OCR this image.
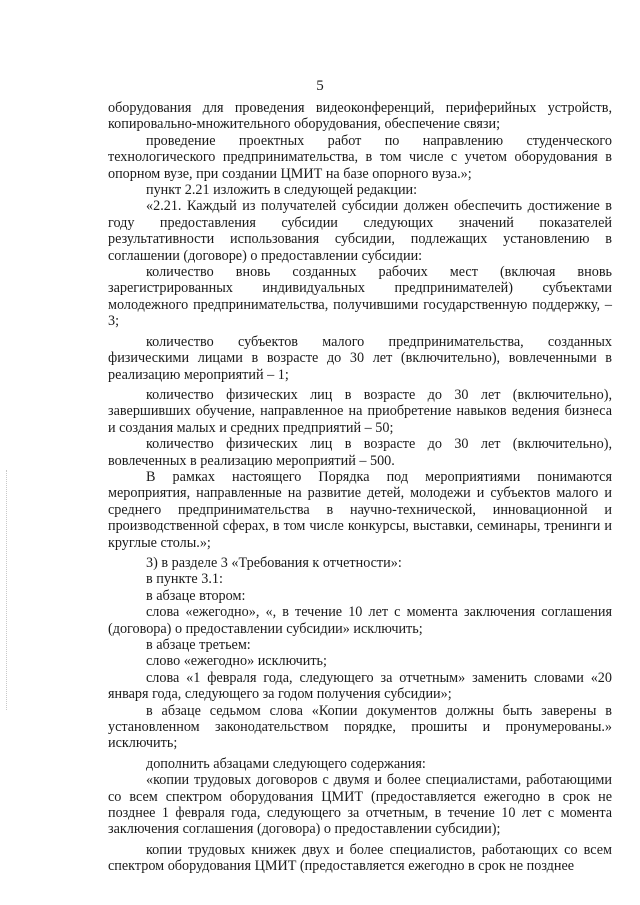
5

оборудования для проведения видеоконференций, периферийных устройств, копировально-множительного оборудования, обеспечение связи;

проведение проектных работ по направлению студенческого технологического предпринимательства, в том числе с учетом оборудования в опорном вузе, при создании ЦМИТ на базе опорного вуза.»;

пункт 2.21 изложить в следующей редакции:

«2.21. Каждый из получателей субсидии должен обеспечить достижение в году предоставления субсидии следующих значений показателей результативности использования субсидии, подлежащих установлению в соглашении (договоре) о предоставлении субсидии:

количество вновь созданных рабочих мест (включая вновь зарегистрированных индивидуальных предпринимателей) субъектами молодежного предпринимательства, получившими государственную поддержку, – 3;

количество субъектов малого предпринимательства, созданных физическими лицами в возрасте до 30 лет (включительно), вовлеченными в реализацию мероприятий – 1;

количество физических лиц в возрасте до 30 лет (включительно), завершивших обучение, направленное на приобретение навыков ведения бизнеса и создания малых и средних предприятий – 50;

количество физических лиц в возрасте до 30 лет (включительно), вовлеченных в реализацию мероприятий – 500.

В рамках настоящего Порядка под мероприятиями понимаются мероприятия, направленные на развитие детей, молодежи и субъектов малого и среднего предпринимательства в научно-технической, инновационной и производственной сферах, в том числе конкурсы, выставки, семинары, тренинги и круглые столы.»;

3) в разделе 3 «Требования к отчетности»:

в пункте 3.1:

в абзаце втором:

слова «ежегодно», «, в течение 10 лет с момента заключения соглашения (договора) о предоставлении субсидии» исключить;

в абзаце третьем:

слово «ежегодно» исключить;

слова «1 февраля года, следующего за отчетным» заменить словами «20 января года, следующего за годом получения субсидии»;

в абзаце седьмом слова «Копии документов должны быть заверены в установленном законодательством порядке, прошиты и пронумерованы.» исключить;

дополнить абзацами следующего содержания:

«копии трудовых договоров с двумя и более специалистами, работающими со всем спектром оборудования ЦМИТ (предоставляется ежегодно в срок не позднее 1 февраля года, следующего за отчетным, в течение 10 лет с момента заключения соглашения (договора) о предоставлении субсидии);

копии трудовых книжек двух и более специалистов, работающих со всем спектром оборудования ЦМИТ (предоставляется ежегодно в срок не позднее
